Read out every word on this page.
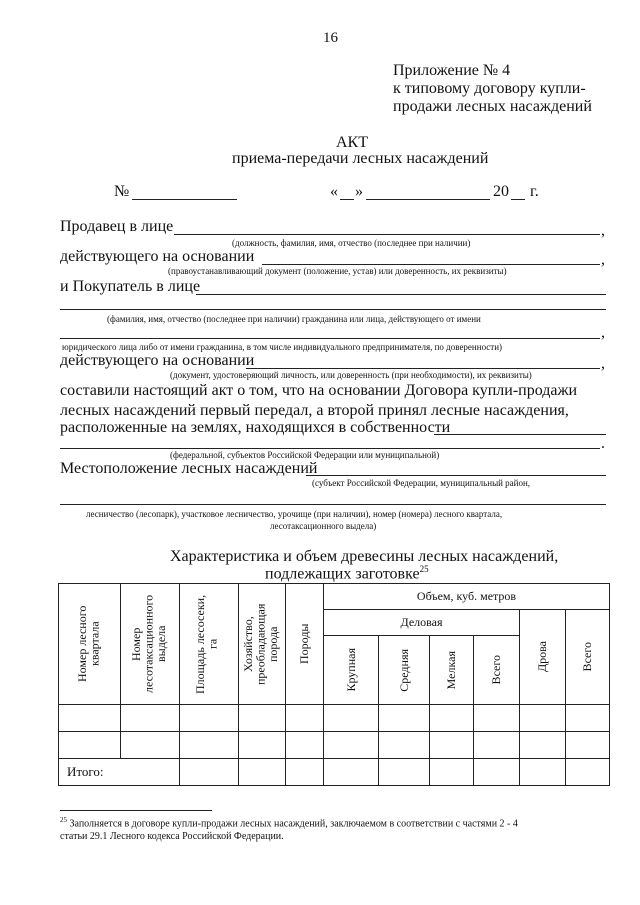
16
Приложение № 4
к типовому договору купли-
продажи лесных насаждений
АКТ
приема-передачи лесных насаждений
№	« »	20 г.
Продавец в лице	,
(должность, фамилия, имя, отчество (последнее при наличии)
действующего на основании	,
(правоустанавливающий документ (положение, устав) или доверенность, их реквизиты)
и Покупатель в лице
(фамилия, имя, отчество (последнее при наличии) гражданина или лица, действующего от имени
,
юридического лица либо от имени гражданина, в том числе индивидуального предпринимателя, по доверенности)
действующего на основании	,
(документ, удостоверяющий личность, или доверенность (при необходимости), их реквизиты)
составили настоящий акт о том, что на основании Договора купли-продажи
лесных насаждений первый передал, а второй принял лесные насаждения,
расположенные на землях, находящихся в собственности
.
(федеральной, субъектов Российской Федерации или муниципальной)
Местоположение лесных насаждений
(субъект Российской Федерации, муниципальный район,
лесничество (лесопарк), участковое лесничество, урочище (при наличии), номер (номера) лесного квартала,
лесотаксационного выдела)
Характеристика и объем древесины лесных насаждений,
подлежащих заготовке$^{25}$
Номер лесного квартала	Номер лесотаксационного выдела	Площадь лесосеки, га	Хозяйство, преобладающая порода	Породы	Объем, куб. метров					
					Деловая				Дрова	Всего

					Крупная	Средняя	Мелкая	Всего		

Итого:										
$^{25}$ Заполняется в договоре купли-продажи лесных насаждений, заключаемом в соответствии с частями 2 - 4
статьи 29.1 Лесного кодекса Российской Федерации.
